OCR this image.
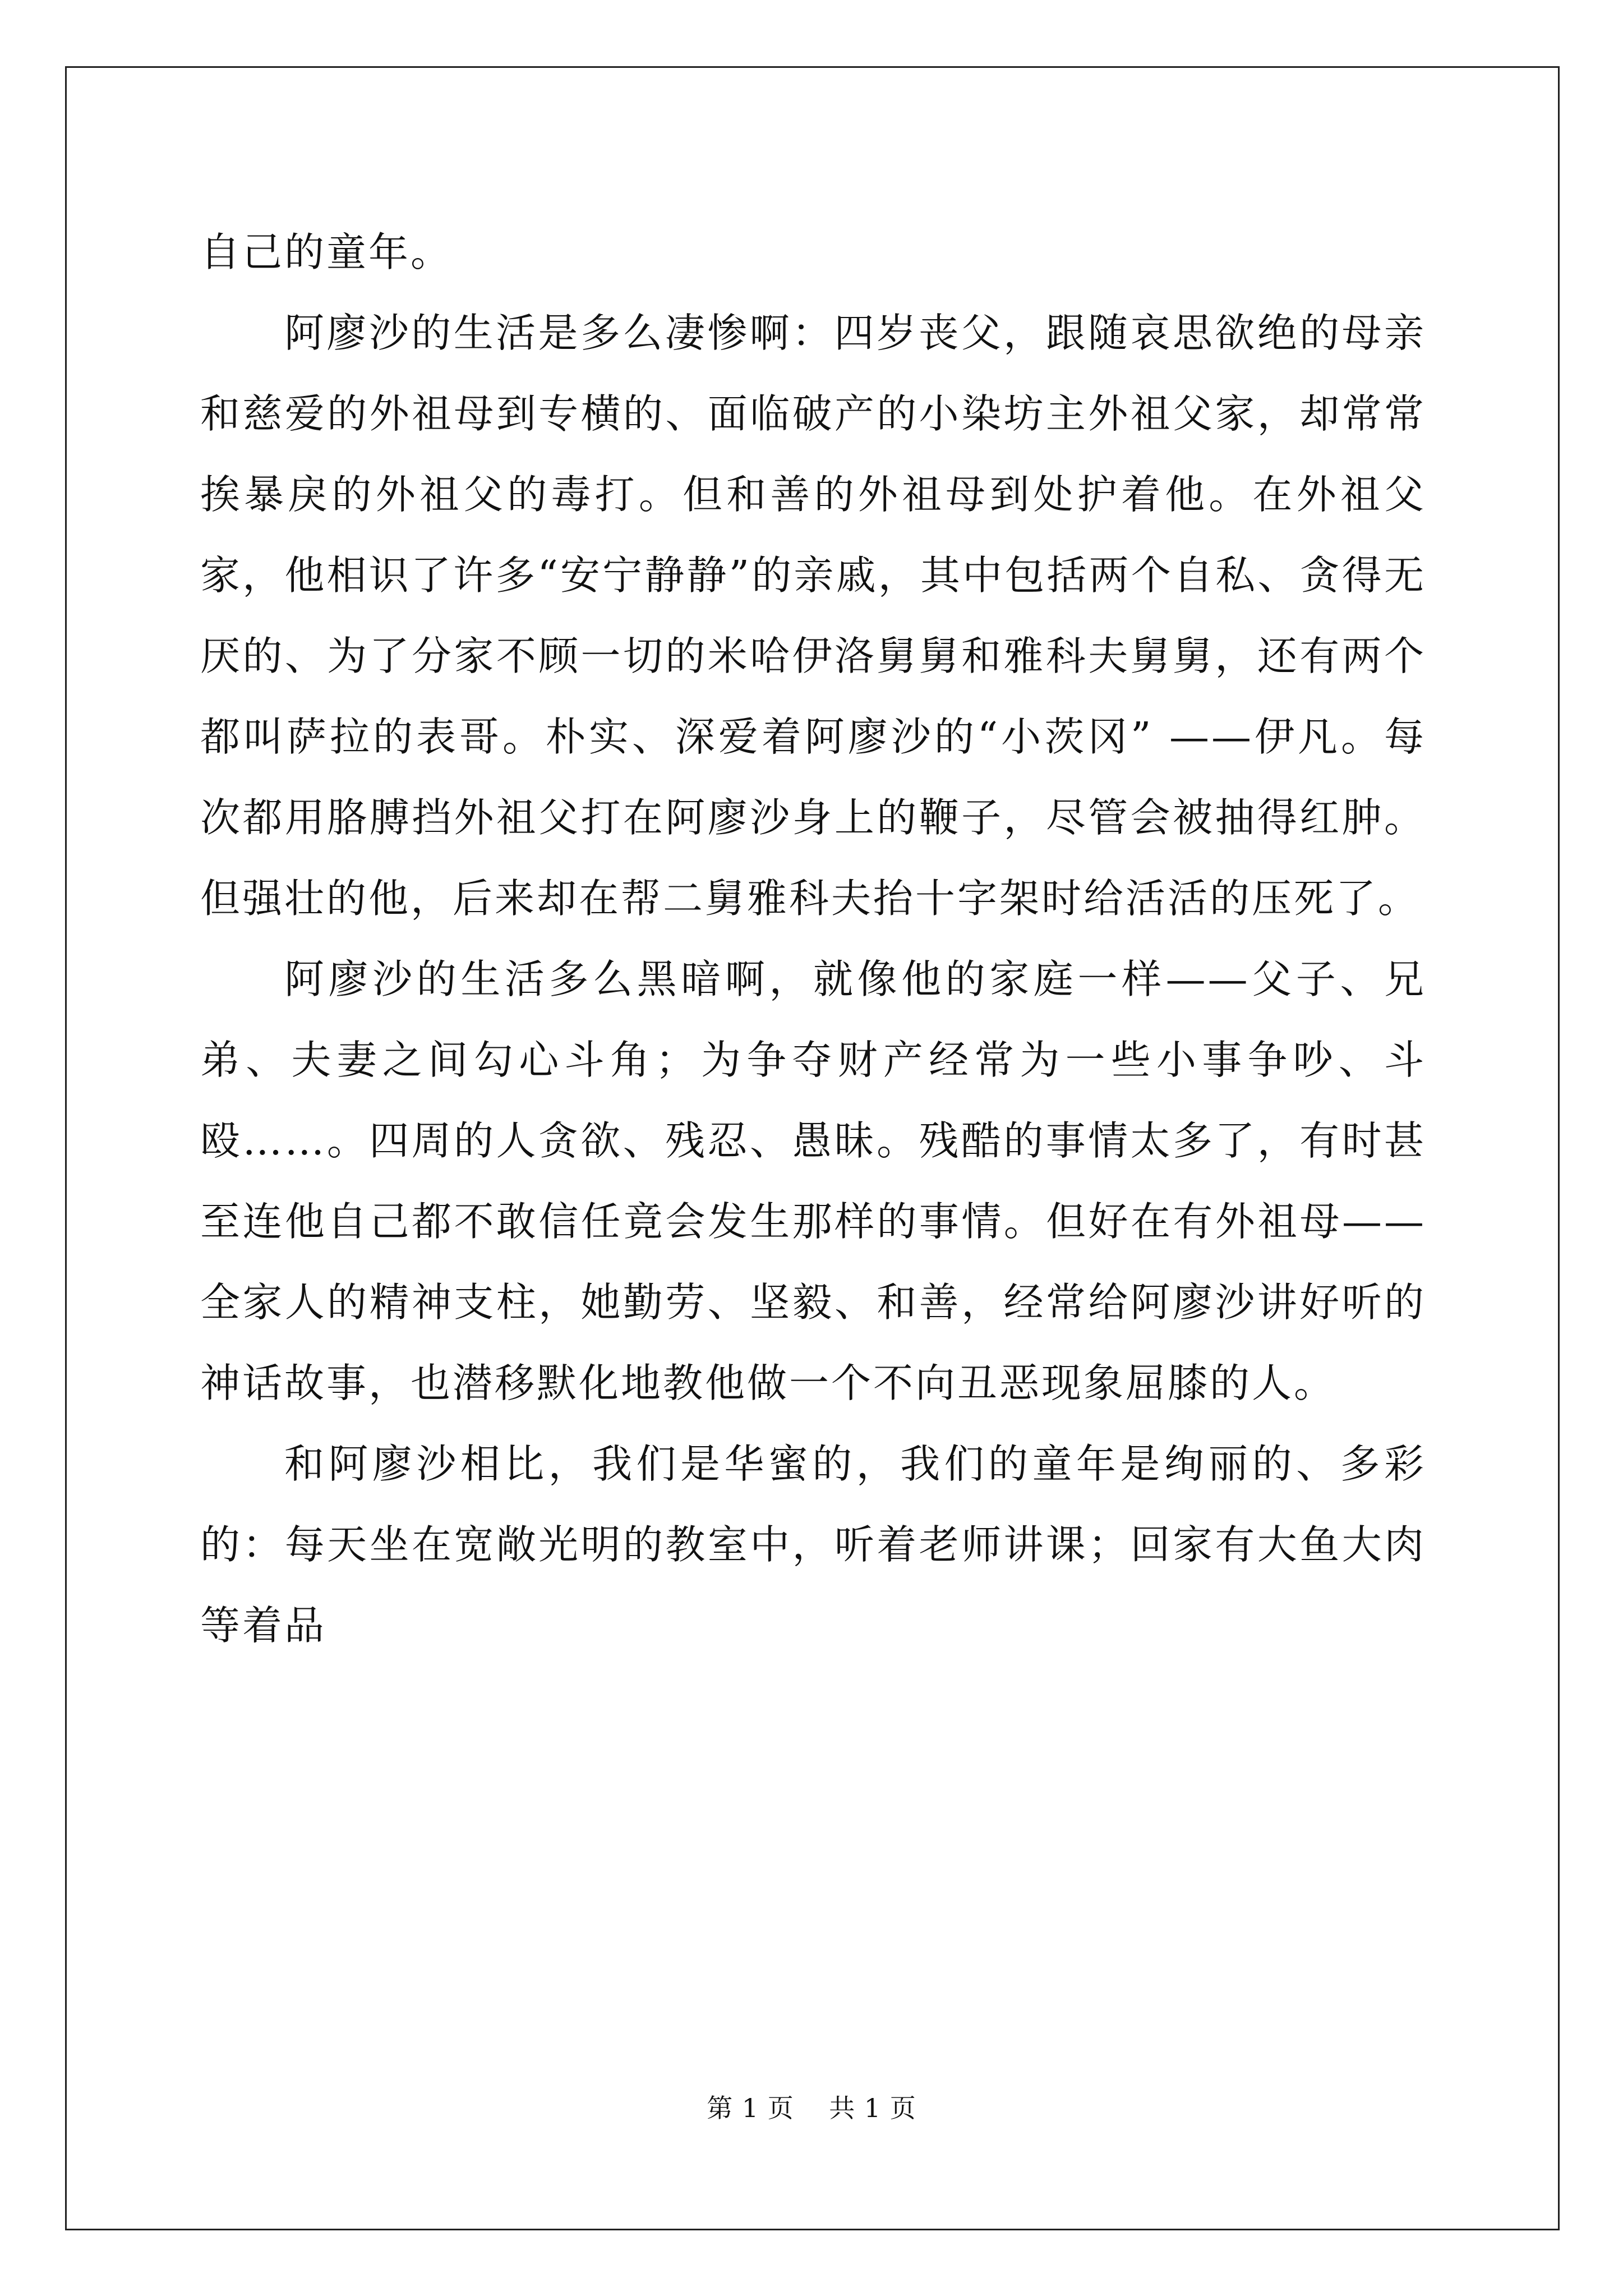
自己的童年。

阿廖沙的生活是多么凄惨啊：四岁丧父，跟随哀思欲绝的母亲和慈爱的外祖母到专横的、面临破产的小染坊主外祖父家，却常常挨暴戾的外祖父的毒打。但和善的外祖母到处护着他。在外祖父家，他相识了许多“安宁静静”的亲戚，其中包括两个自私、贪得无厌的、为了分家不顾一切的米哈伊洛舅舅和雅科夫舅舅，还有两个都叫萨拉的表哥。朴实、深爱着阿廖沙的“小茨冈” ——伊凡。每次都用胳膊挡外祖父打在阿廖沙身上的鞭子，尽管会被抽得红肿。但强壮的他，后来却在帮二舅雅科夫抬十字架时给活活的压死了。

阿廖沙的生活多么黑暗啊，就像他的家庭一样——父子、兄弟、夫妻之间勾心斗角；为争夺财产经常为一些小事争吵、斗殴……。四周的人贪欲、残忍、愚昧。残酷的事情太多了，有时甚至连他自己都不敢信任竟会发生那样的事情。但好在有外祖母——全家人的精神支柱，她勤劳、坚毅、和善，经常给阿廖沙讲好听的神话故事，也潜移默化地教他做一个不向丑恶现象屈膝的人。

和阿廖沙相比，我们是华蜜的，我们的童年是绚丽的、多彩的：每天坐在宽敞光明的教室中，听着老师讲课；回家有大鱼大肉等着品

第 1 页 共 1 页
